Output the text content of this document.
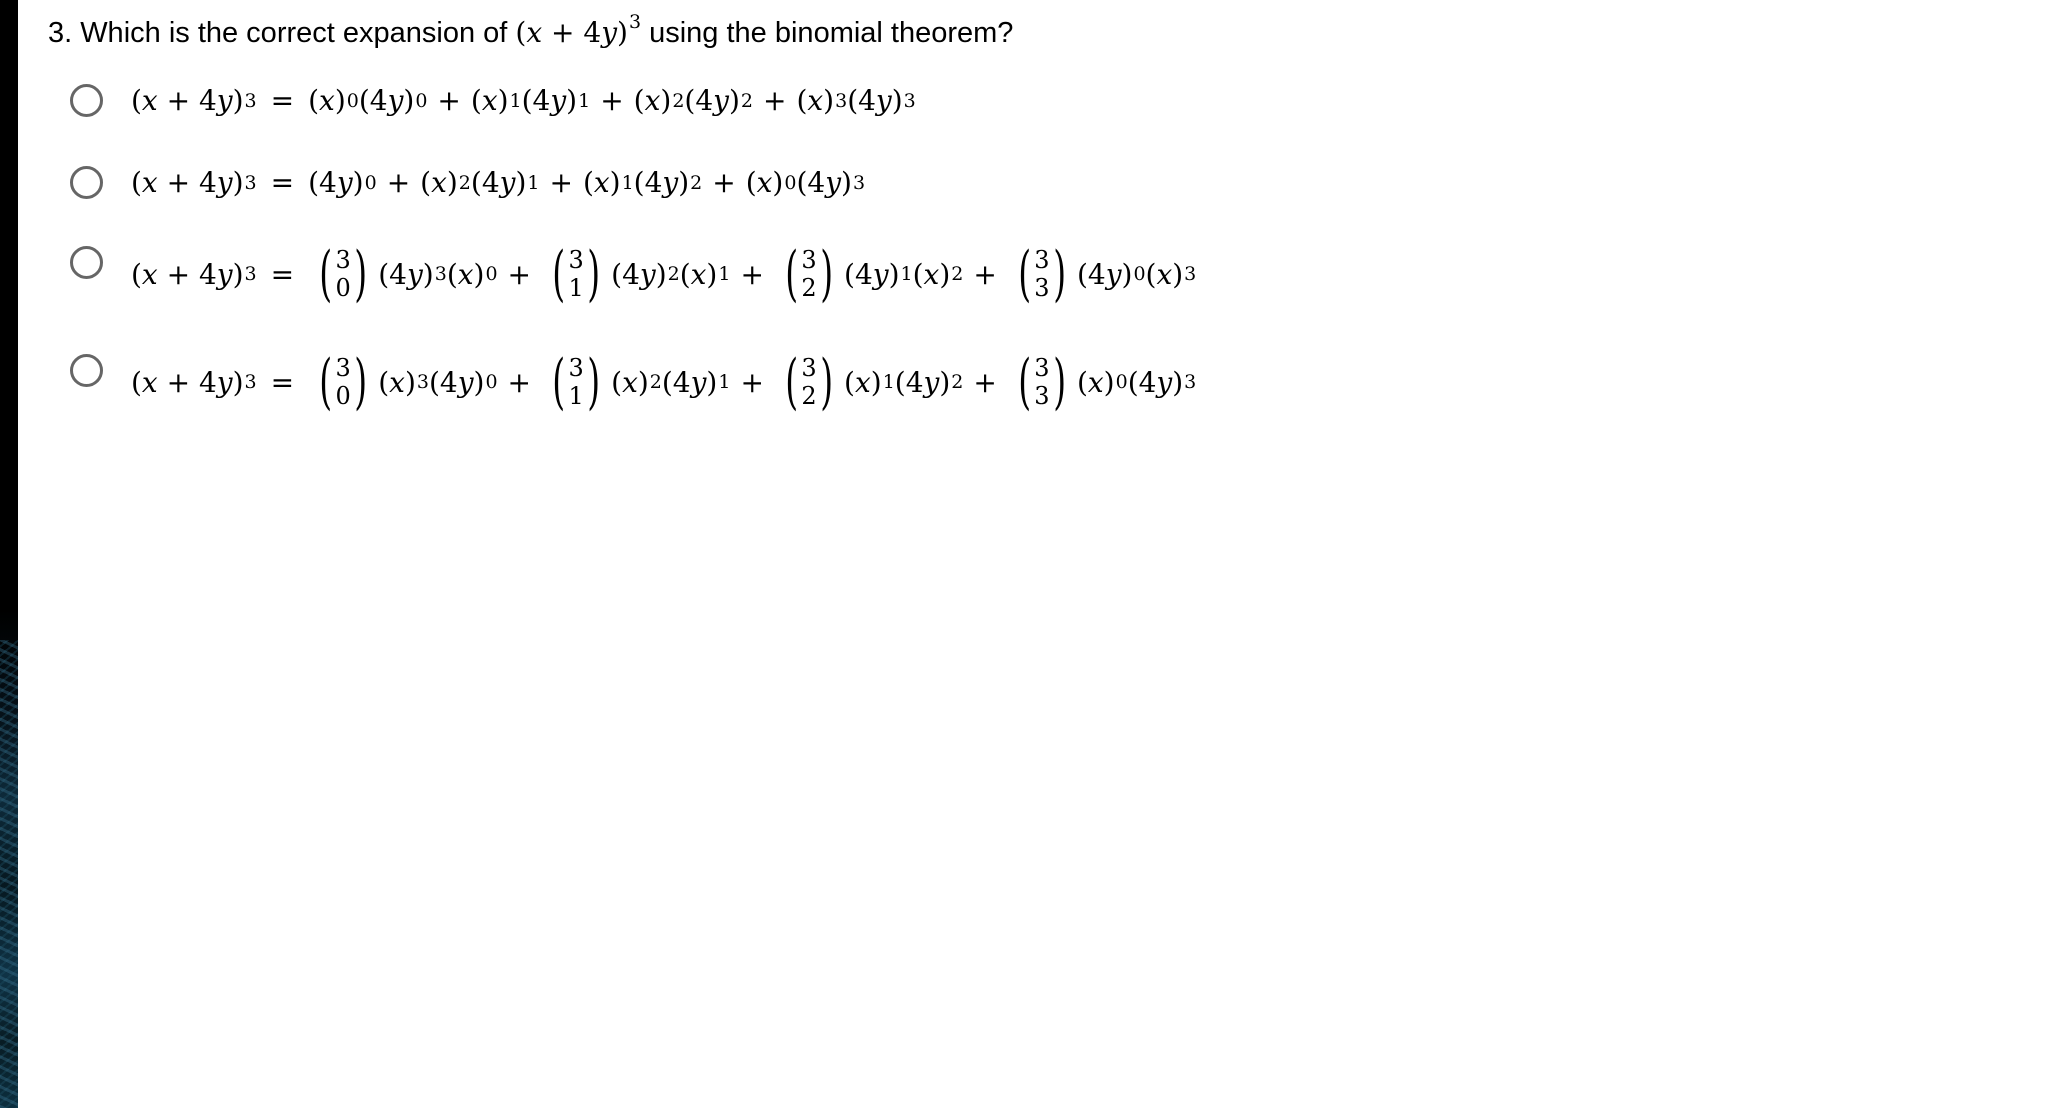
3. Which is the correct expansion of (𝑥 + 4𝑦)$^3$ using the binomial theorem?
(𝑥 + 4𝑦) 3 = (𝑥) 0 (4𝑦) 0 + (𝑥) 1 (4𝑦) 1 + (𝑥) 2 (4𝑦) 2 + (𝑥) 3 (4𝑦) 3
(𝑥 + 4𝑦) 3 = (4𝑦) 0 + (𝑥) 2 (4𝑦) 1 + (𝑥) 1 (4𝑦) 2 + (𝑥) 0 (4𝑦) 3
(𝑥 + 4𝑦) 3 = ( 3
0 ) (4𝑦) 3 (𝑥) 0 + ( 3
1 ) (4𝑦) 2 (𝑥) 1 + ( 3
2 ) (4𝑦) 1 (𝑥) 2 + ( 3
3 ) (4𝑦) 0 (𝑥) 3
(𝑥 + 4𝑦) 3 = ( 3
0 ) (𝑥) 3 (4𝑦) 0 + ( 3
1 ) (𝑥) 2 (4𝑦) 1 + ( 3
2 ) (𝑥) 1 (4𝑦) 2 + ( 3
3 ) (𝑥) 0 (4𝑦) 3
